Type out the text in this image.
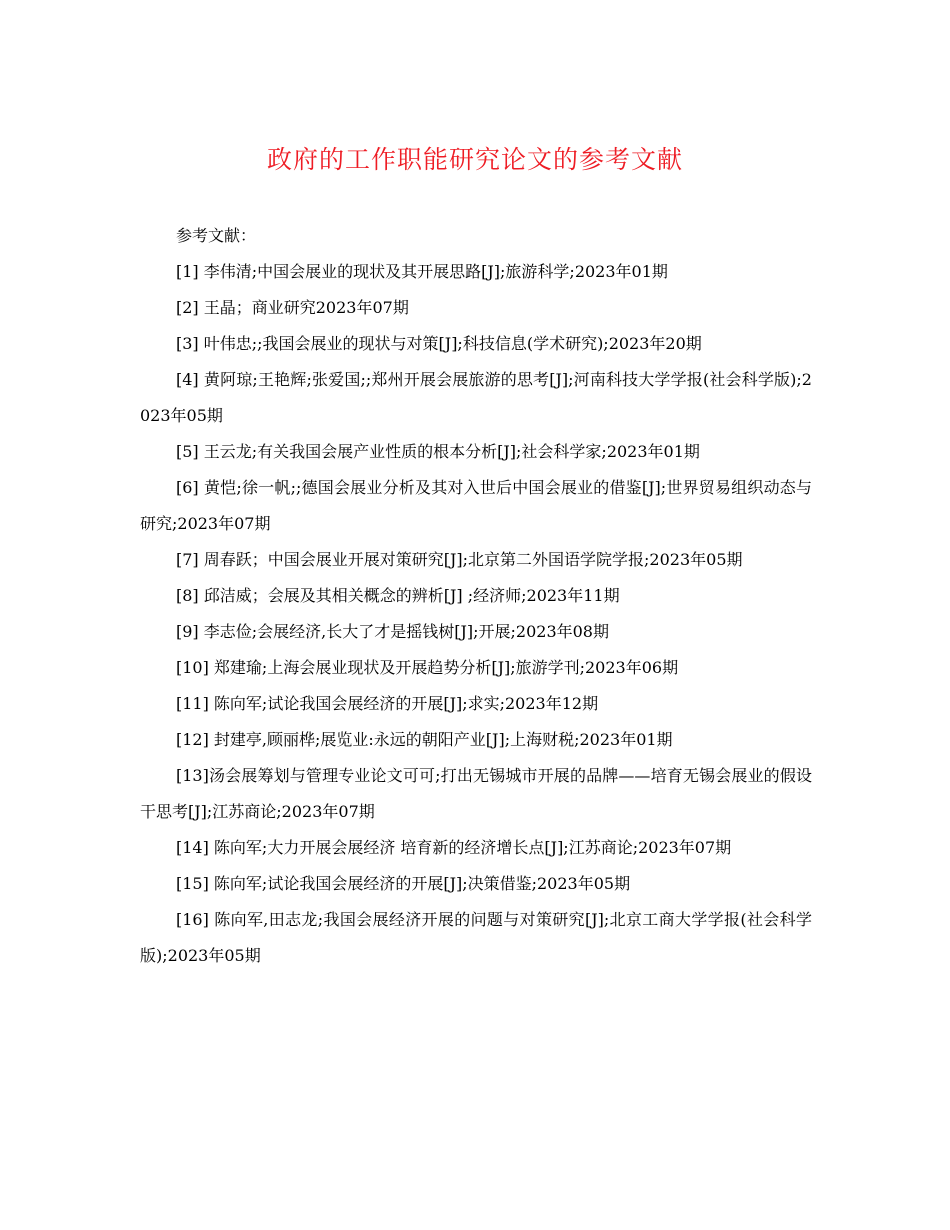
政府的工作职能研究论文的参考文献

参考文献：

[1] 李伟清;中国会展业的现状及其开展思路[J];旅游科学;2023年01期

[2] 王晶；商业研究2023年07期

[3] 叶伟忠;;我国会展业的现状与对策[J];科技信息(学术研究);2023年20期

[4] 黄阿琼;王艳辉;张爱国;;郑州开展会展旅游的思考[J];河南科技大学学报(社会科学版);2023年05期

[5] 王云龙;有关我国会展产业性质的根本分析[J];社会科学家;2023年01期

[6] 黄恺;徐一帆;;德国会展业分析及其对入世后中国会展业的借鉴[J];世界贸易组织动态与研究;2023年07期

[7] 周春跃；中国会展业开展对策研究[J];北京第二外国语学院学报;2023年05期

[8] 邱洁威；会展及其相关概念的辨析[J] ;经济师;2023年11期

[9] 李志俭;会展经济,长大了才是摇钱树[J];开展;2023年08期

[10] 郑建瑜;上海会展业现状及开展趋势分析[J];旅游学刊;2023年06期

[11] 陈向军;试论我国会展经济的开展[J];求实;2023年12期

[12] 封建亭,顾丽桦;展览业:永远的朝阳产业[J];上海财税;2023年01期

[13]汤会展筹划与管理专业论文可可;打出无锡城市开展的品牌——培育无锡会展业的假设干思考[J];江苏商论;2023年07期

[14] 陈向军;大力开展会展经济 培育新的经济增长点[J];江苏商论;2023年07期

[15] 陈向军;试论我国会展经济的开展[J];决策借鉴;2023年05期

[16] 陈向军,田志龙;我国会展经济开展的问题与对策研究[J];北京工商大学学报(社会科学版);2023年05期
